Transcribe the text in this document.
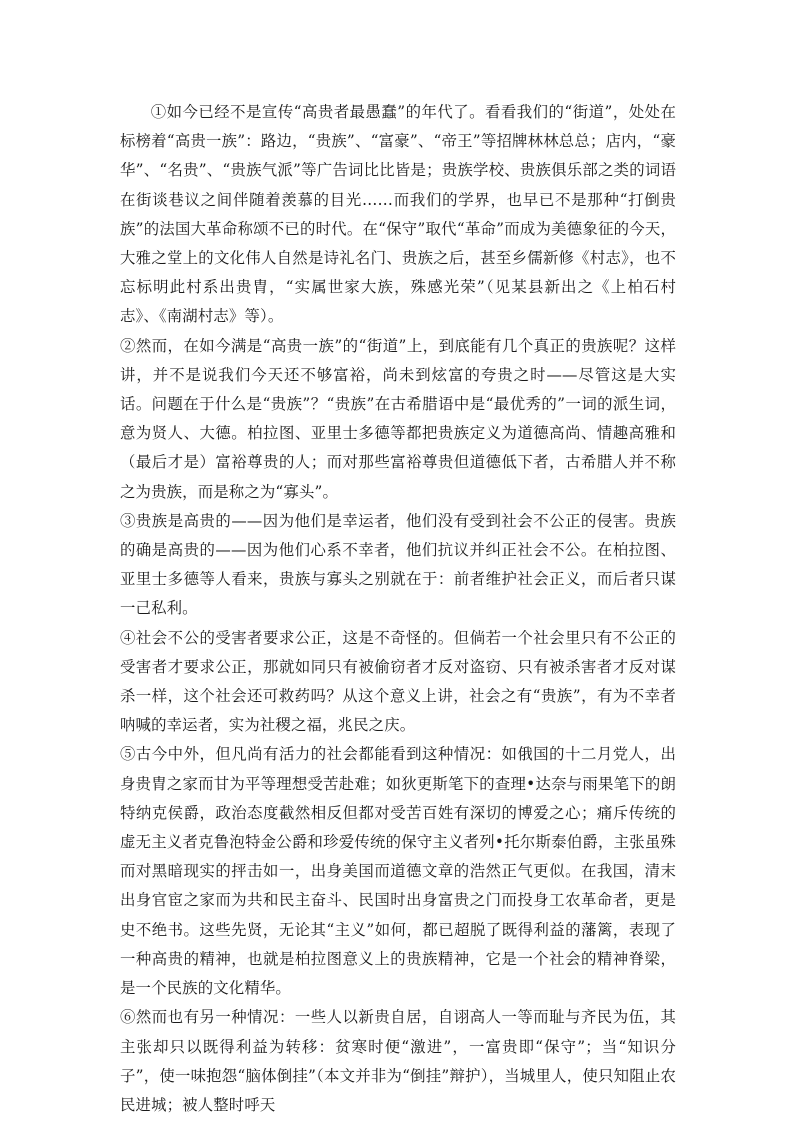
①如今已经不是宣传“高贵者最愚蠢”的年代了。看看我们的“街道”，处处在标榜着“高贵一族”：路边，“贵族”、“富豪”、“帝王”等招牌林林总总；店内，“豪华”、“名贵”、“贵族气派”等广告词比比皆是；贵族学校、贵族俱乐部之类的词语在街谈巷议之间伴随着羡慕的目光……而我们的学界，也早已不是那种“打倒贵族”的法国大革命称颂不已的时代。在“保守”取代“革命”而成为美德象征的今天，大雅之堂上的文化伟人自然是诗礼名门、贵族之后，甚至乡儒新修《村志》，也不忘标明此村系出贵胄，“实属世家大族，殊感光荣”（见某县新出之《上柏石村志》、《南湖村志》等）。

②然而，在如今满是“高贵一族”的“街道”上，到底能有几个真正的贵族呢？这样讲，并不是说我们今天还不够富裕，尚未到炫富的夸贵之时——尽管这是大实话。问题在于什么是“贵族”？“贵族”在古希腊语中是“最优秀的”一词的派生词，意为贤人、大德。柏拉图、亚里士多德等都把贵族定义为道德高尚、情趣高雅和（最后才是）富裕尊贵的人；而对那些富裕尊贵但道德低下者，古希腊人并不称之为贵族，而是称之为“寡头”。

③贵族是高贵的——因为他们是幸运者，他们没有受到社会不公正的侵害。贵族的确是高贵的——因为他们心系不幸者，他们抗议并纠正社会不公。在柏拉图、亚里士多德等人看来，贵族与寡头之别就在于：前者维护社会正义，而后者只谋一己私利。

④社会不公的受害者要求公正，这是不奇怪的。但倘若一个社会里只有不公正的受害者才要求公正，那就如同只有被偷窃者才反对盗窃、只有被杀害者才反对谋杀一样，这个社会还可救药吗？从这个意义上讲，社会之有“贵族”，有为不幸者呐喊的幸运者，实为社稷之福，兆民之庆。

⑤古今中外，但凡尚有活力的社会都能看到这种情况：如俄国的十二月党人，出身贵胄之家而甘为平等理想受苦赴难；如狄更斯笔下的查理•达奈与雨果笔下的朗特纳克侯爵，政治态度截然相反但都对受苦百姓有深切的博爱之心；痛斥传统的虚无主义者克鲁泡特金公爵和珍爱传统的保守主义者列•托尔斯泰伯爵，主张虽殊而对黑暗现实的抨击如一，出身美国而道德文章的浩然正气更似。在我国，清末出身官宦之家而为共和民主奋斗、民国时出身富贵之门而投身工农革命者，更是史不绝书。这些先贤，无论其“主义”如何，都已超脱了既得利益的藩篱，表现了一种高贵的精神，也就是柏拉图意义上的贵族精神，它是一个社会的精神脊梁，是一个民族的文化精华。

⑥然而也有另一种情况：一些人以新贵自居，自诩高人一等而耻与齐民为伍，其主张却只以既得利益为转移：贫寒时便“激进”，一富贵即“保守”；当“知识分子”，使一味抱怨“脑体倒挂”（本文并非为“倒挂”辩护），当城里人，使只知阻止农民进城；被人整时呼天
